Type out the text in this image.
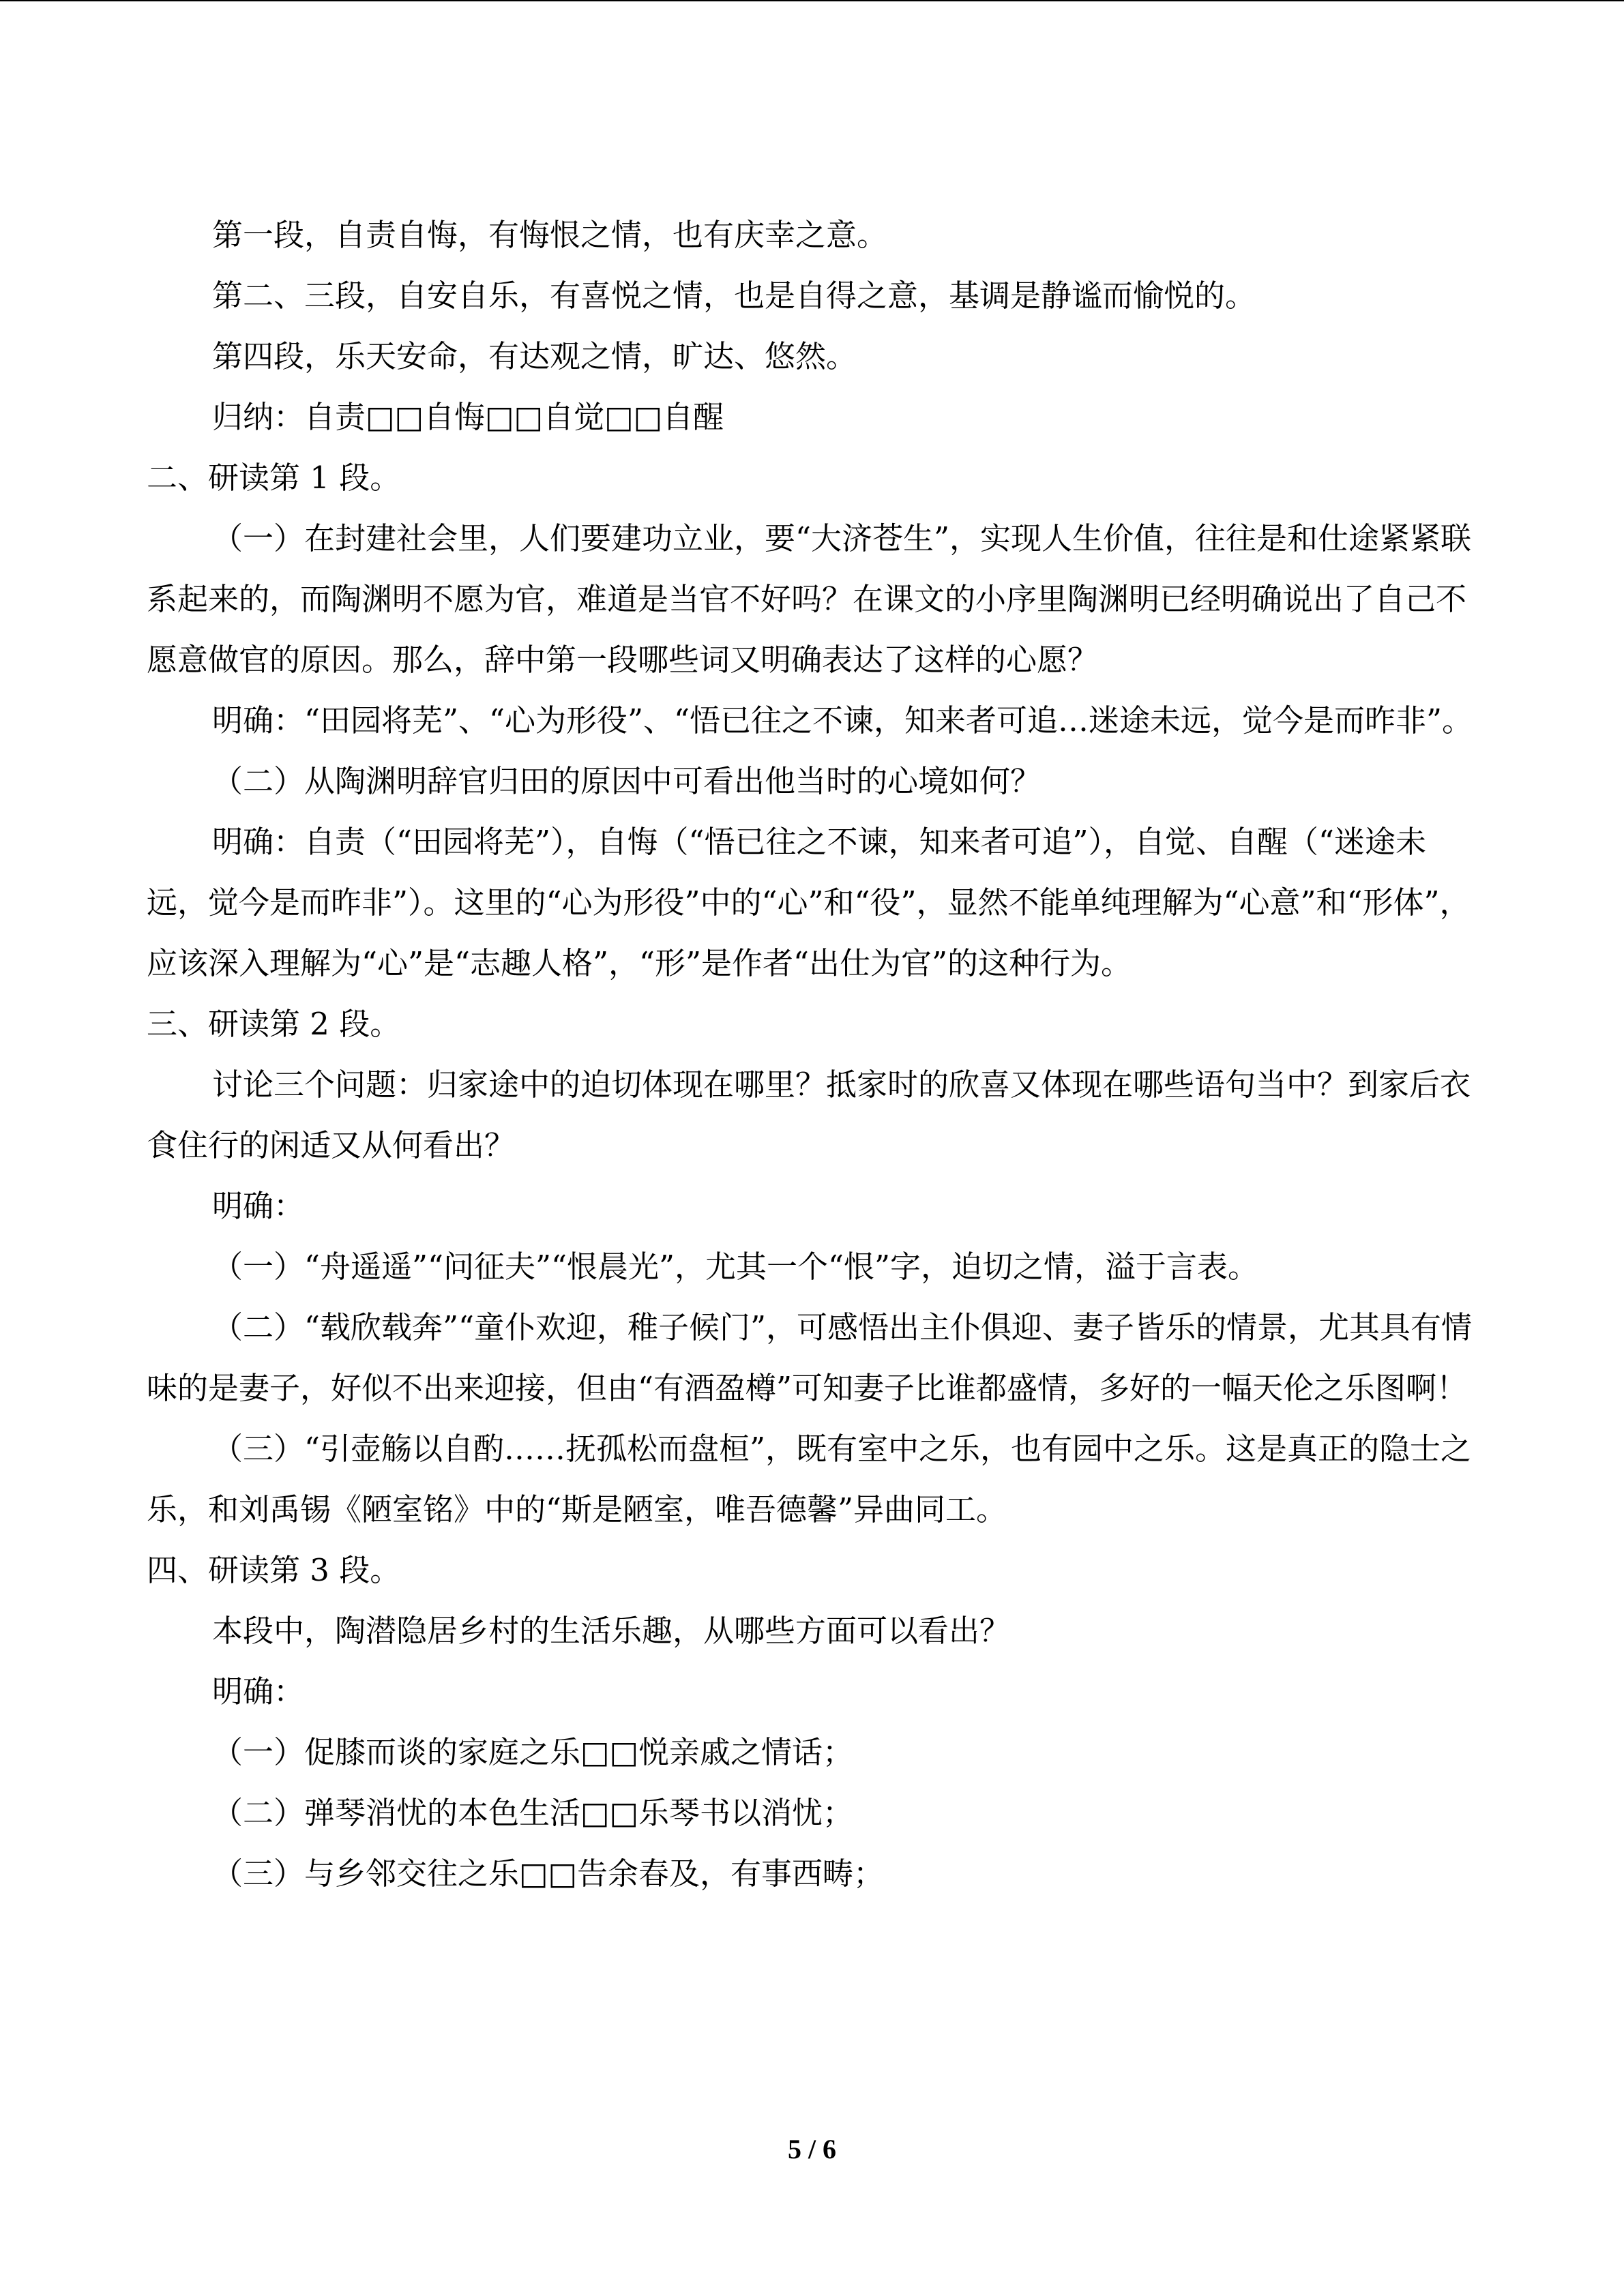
第一段，自责自悔，有悔恨之情，也有庆幸之意。

第二、三段，自安自乐，有喜悦之情，也是自得之意，基调是静谧而愉悦的。

第四段，乐天安命，有达观之情，旷达、悠然。

归纳：自责□□自悔□□自觉□□自醒

二、研读第 1 段。

（一）在封建社会里，人们要建功立业，要“大济苍生”，实现人生价值，往往是和仕途紧紧联系起来的，而陶渊明不愿为官，难道是当官不好吗？在课文的小序里陶渊明已经明确说出了自己不愿意做官的原因。那么，辞中第一段哪些词又明确表达了这样的心愿？

明确：“田园将芜”、“心为形役”、“悟已往之不谏，知来者可追…迷途未远，觉今是而昨非”。

（二）从陶渊明辞官归田的原因中可看出他当时的心境如何？

明确：自责（“田园将芜”），自悔（“悟已往之不谏，知来者可追”），自觉、自醒（“迷途未远，觉今是而昨非”）。这里的“心为形役”中的“心”和“役”，显然不能单纯理解为“心意”和“形体”，应该深入理解为“心”是“志趣人格”，“形”是作者“出仕为官”的这种行为。

三、研读第 2 段。

讨论三个问题：归家途中的迫切体现在哪里？抵家时的欣喜又体现在哪些语句当中？到家后衣食住行的闲适又从何看出？

明确：

（一）“舟遥遥”“问征夫”“恨晨光”，尤其一个“恨”字，迫切之情，溢于言表。

（二）“载欣载奔”“童仆欢迎，稚子候门”，可感悟出主仆俱迎、妻子皆乐的情景，尤其具有情味的是妻子，好似不出来迎接，但由“有酒盈樽”可知妻子比谁都盛情，多好的一幅天伦之乐图啊！

（三）“引壶觞以自酌……抚孤松而盘桓”，既有室中之乐，也有园中之乐。这是真正的隐士之乐，和刘禹锡《陋室铭》中的“斯是陋室，唯吾德馨”异曲同工。

四、研读第 3 段。

本段中，陶潜隐居乡村的生活乐趣，从哪些方面可以看出？

明确：

（一）促膝而谈的家庭之乐□□悦亲戚之情话；

（二）弹琴消忧的本色生活□□乐琴书以消忧；

（三）与乡邻交往之乐□□告余春及，有事西畴；

5 / 6
